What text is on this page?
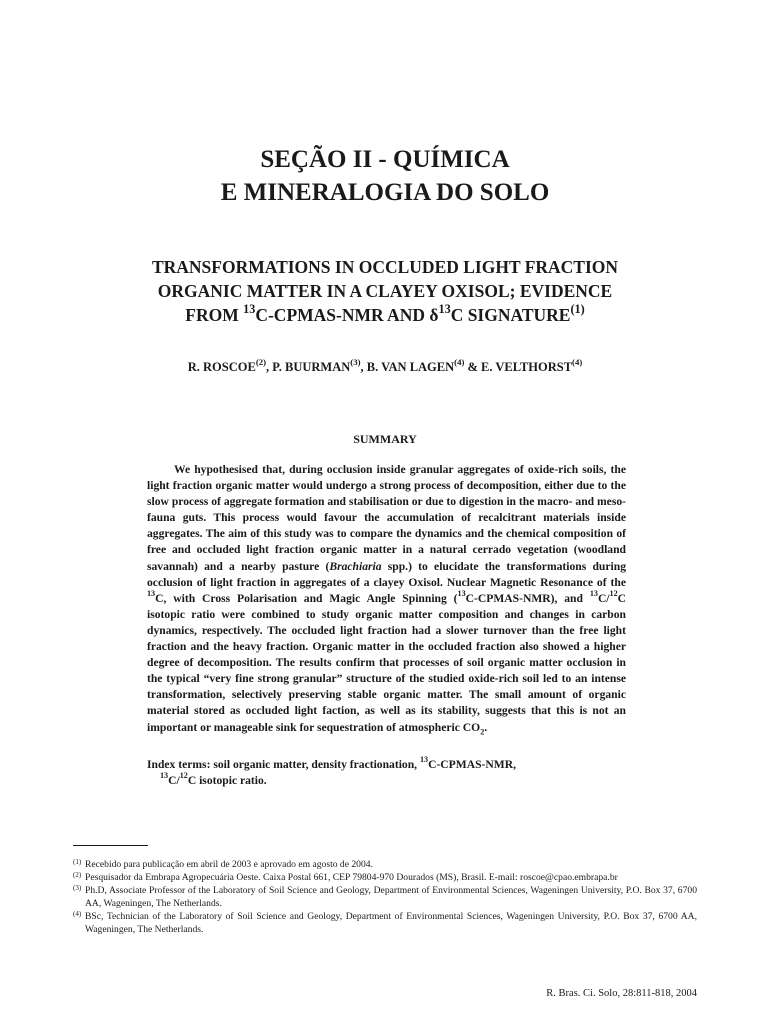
SEÇÃO II - QUÍMICA
E MINERALOGIA DO SOLO
TRANSFORMATIONS IN OCCLUDED LIGHT FRACTION
ORGANIC MATTER IN A CLAYEY OXISOL; EVIDENCE
FROM $^{13}$C-CPMAS-NMR AND $\delta^{13}C$ SIGNATURE$^{(1)}$
R. ROSCOE$^{(2)}$, P. BUURMAN$^{(3)}$, B. VAN LAGEN$^{(4)}$ & E. VELTHORST$^{(4)}$
SUMMARY

We hypothesised that, during occlusion inside granular aggregates of oxide-rich soils, the light fraction organic matter would undergo a strong process of decomposition, either due to the slow process of aggregate formation and stabilisation or due to digestion in the macro- and meso-fauna guts. This process would favour the accumulation of recalcitrant materials inside aggregates. The aim of this study was to compare the dynamics and the chemical composition of free and occluded light fraction organic matter in a natural cerrado vegetation (woodland savannah) and a nearby pasture (Brachiaria spp.) to elucidate the transformations during occlusion of light fraction in aggregates of a clayey Oxisol. Nuclear Magnetic Resonance of the $^{13}$C, with Cross Polarisation and Magic Angle Spinning ($^{13}$C-CPMAS-NMR), and $^{13}$C/$^{12}$C isotopic ratio were combined to study organic matter composition and changes in carbon dynamics, respectively. The occluded light fraction had a slower turnover than the free light fraction and the heavy fraction. Organic matter in the occluded fraction also showed a higher degree of decomposition. The results confirm that processes of soil organic matter occlusion in the typical “very fine strong granular” structure of the studied oxide-rich soil led to an intense transformation, selectively preserving stable organic matter. The small amount of organic material stored as occluded light faction, as well as its stability, suggests that this is not an important or manageable sink for sequestration of atmospheric $CO_2$.

Index terms: soil organic matter, density fractionation, $^{13}$C-CPMAS-NMR,
$^{13}$C/$^{12}$C isotopic ratio.

(1) Recebido para publicação em abril de 2003 e aprovado em agosto de 2004.
(2) Pesquisador da Embrapa Agropecuária Oeste. Caixa Postal 661, CEP 79804-970 Dourados (MS), Brasil. E-mail: roscoe@cpao.embrapa.br
(3) Ph.D, Associate Professor of the Laboratory of Soil Science and Geology, Department of Environmental Sciences, Wageningen University, P.O. Box 37, 6700 AA, Wageningen, The Netherlands.
(4) BSc, Technician of the Laboratory of Soil Science and Geology, Department of Environmental Sciences, Wageningen University, P.O. Box 37, 6700 AA, Wageningen, The Netherlands.
R. Bras. Ci. Solo, 28:811-818, 2004
